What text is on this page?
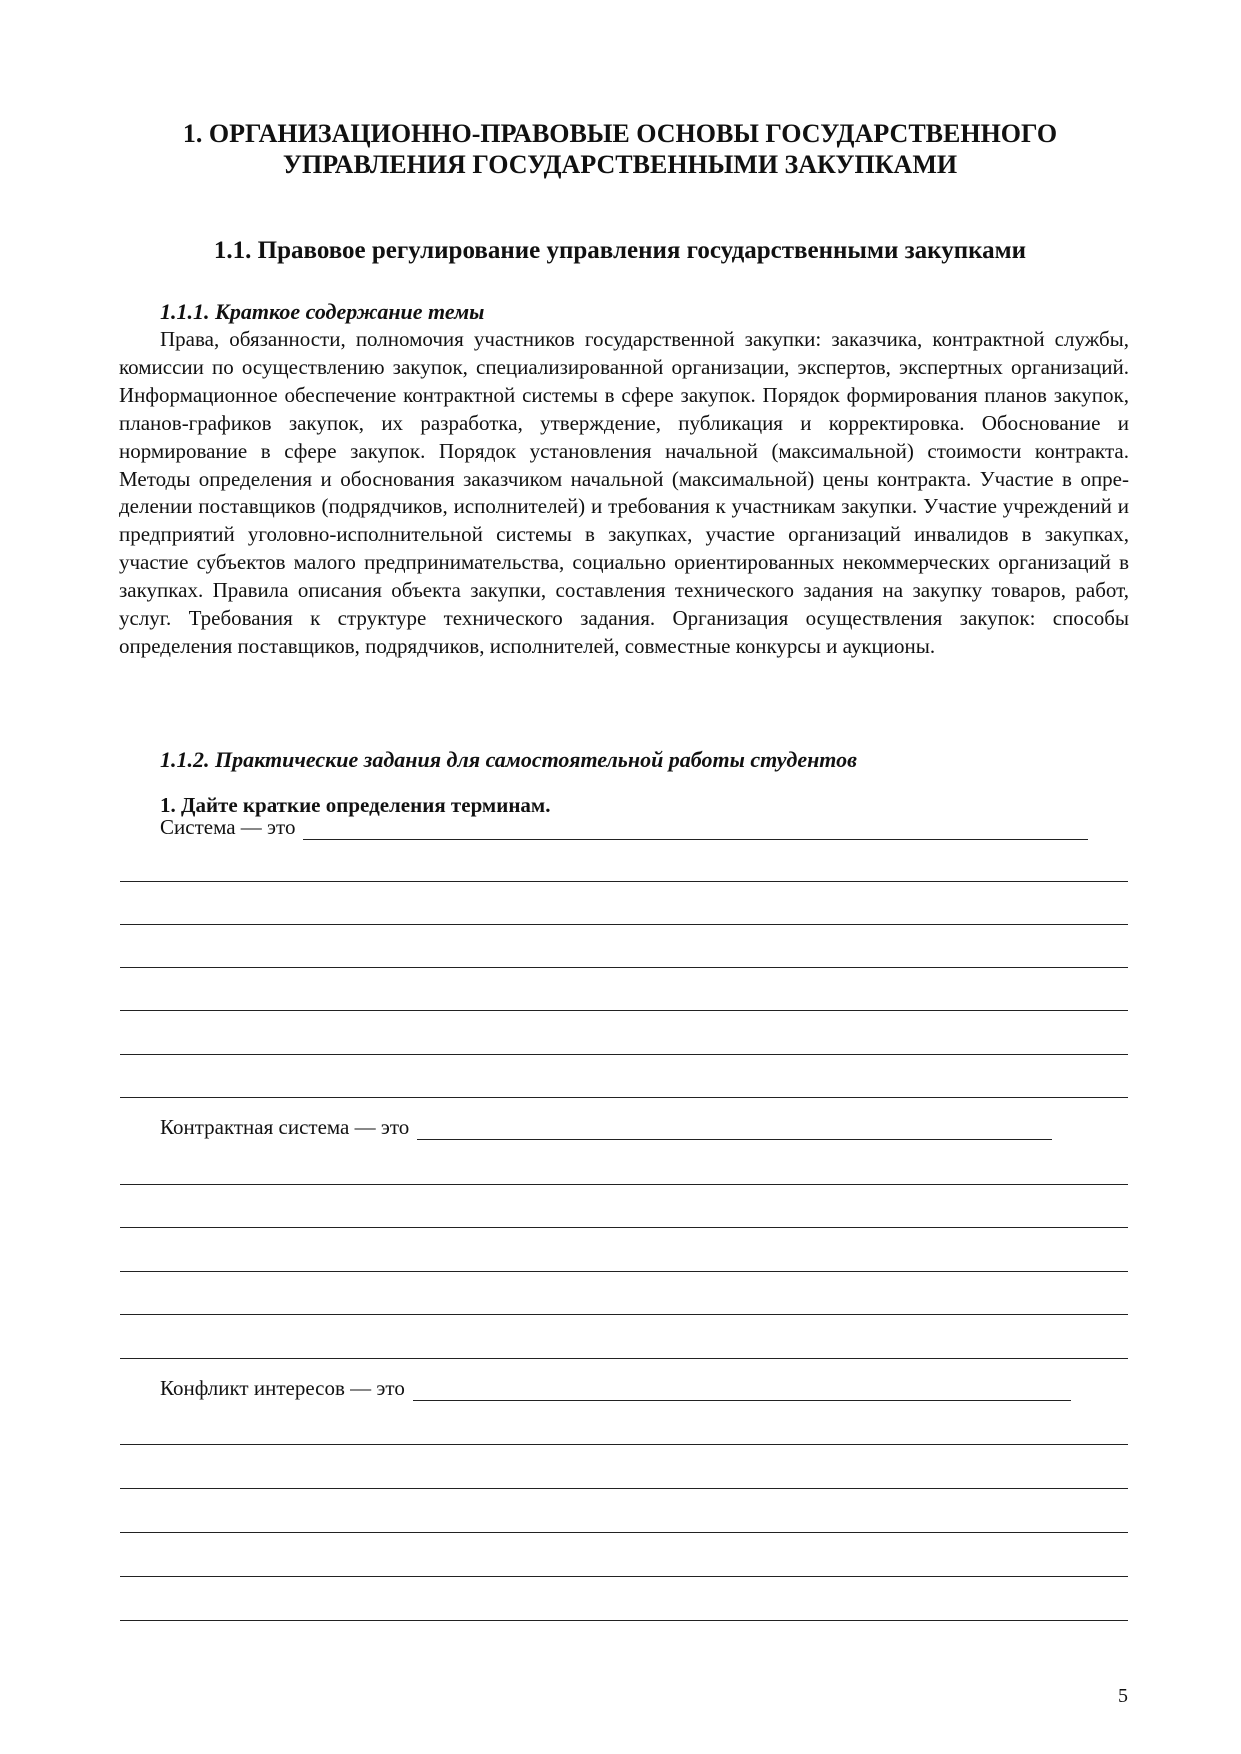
1. ОРГАНИЗАЦИОННО-ПРАВОВЫЕ ОСНОВЫ ГОСУДАРСТВЕННОГО
УПРАВЛЕНИЯ ГОСУДАРСТВЕННЫМИ ЗАКУПКАМИ
1.1. Правовое регулирование управления государственными закупками
1.1.1. Краткое содержание темы

Права, обязанности, полномочия участников государственной закупки: заказчика, контрактной службы, комиссии по осуществлению закупок, специализированной организации, экспертов, экспертных организаций. Информационное обеспечение контрактной системы в сфере закупок. Порядок формирования планов закупок, планов-графиков закупок, их разработка, утверждение, публикация и корректировка. Обоснование и нормирование в сфере закупок. Порядок установления начальной (максимальной) стоимости контракта. Методы определения и обоснования заказчиком начальной (максимальной) цены контракта. Участие в определении поставщиков (подрядчиков, исполнителей) и требования к участникам закупки. Участие учреждений и предприятий уголовно-исполнительной системы в закупках, участие организаций инвалидов в закупках, участие субъектов малого предпринимательства, социально ориентированных некоммерческих организаций в закупках. Правила описания объекта закупки, составления технического задания на закупку товаров, работ, услуг. Требования к структуре технического задания. Организация осуществления закупок: способы определения поставщиков, подрядчиков, исполнителей, совместные конкурсы и аукционы.

1.1.2. Практические задания для самостоятельной работы студентов
1. Дайте краткие определения терминам.
Система — это
Контрактная система — это
Конфликт интересов — это
5
